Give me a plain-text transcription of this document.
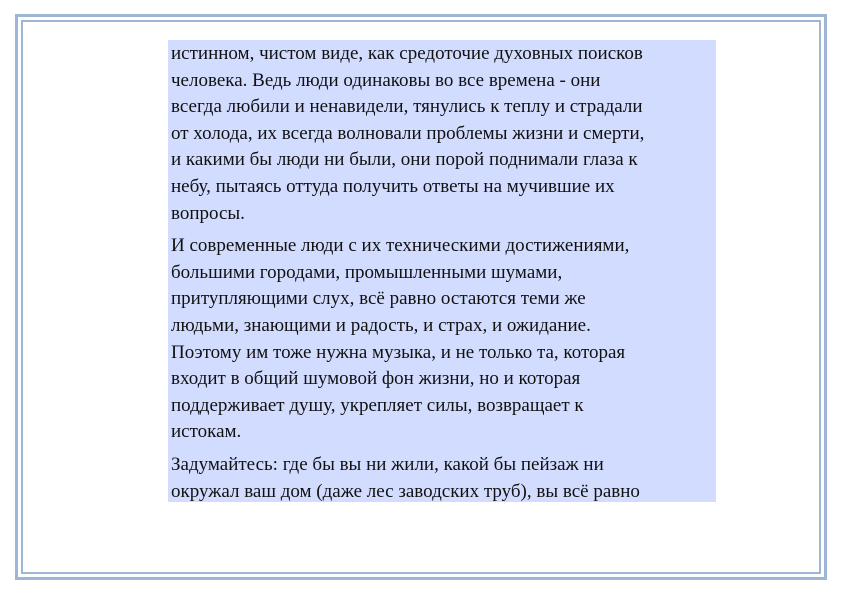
истинном, чистом виде, как средоточие духовных поисков
человека. Ведь люди одинаковы во все времена - они
всегда любили и ненавидели, тянулись к теплу и страдали
от холода, их всегда волновали проблемы жизни и смерти,
и какими бы люди ни были, они порой поднимали глаза к
небу, пытаясь оттуда получить ответы на мучившие их
вопросы.

И современные люди с их техническими достижениями,
большими городами, промышленными шумами,
притупляющими слух, всё равно остаются теми же
людьми, знающими и радость, и страх, и ожидание.
Поэтому им тоже нужна музыка, и не только та, которая
входит в общий шумовой фон жизни, но и которая
поддерживает душу, укрепляет силы, возвращает к
истокам.

Задумайтесь: где бы вы ни жили, какой бы пейзаж ни
окружал ваш дом (даже лес заводских труб), вы всё равно
